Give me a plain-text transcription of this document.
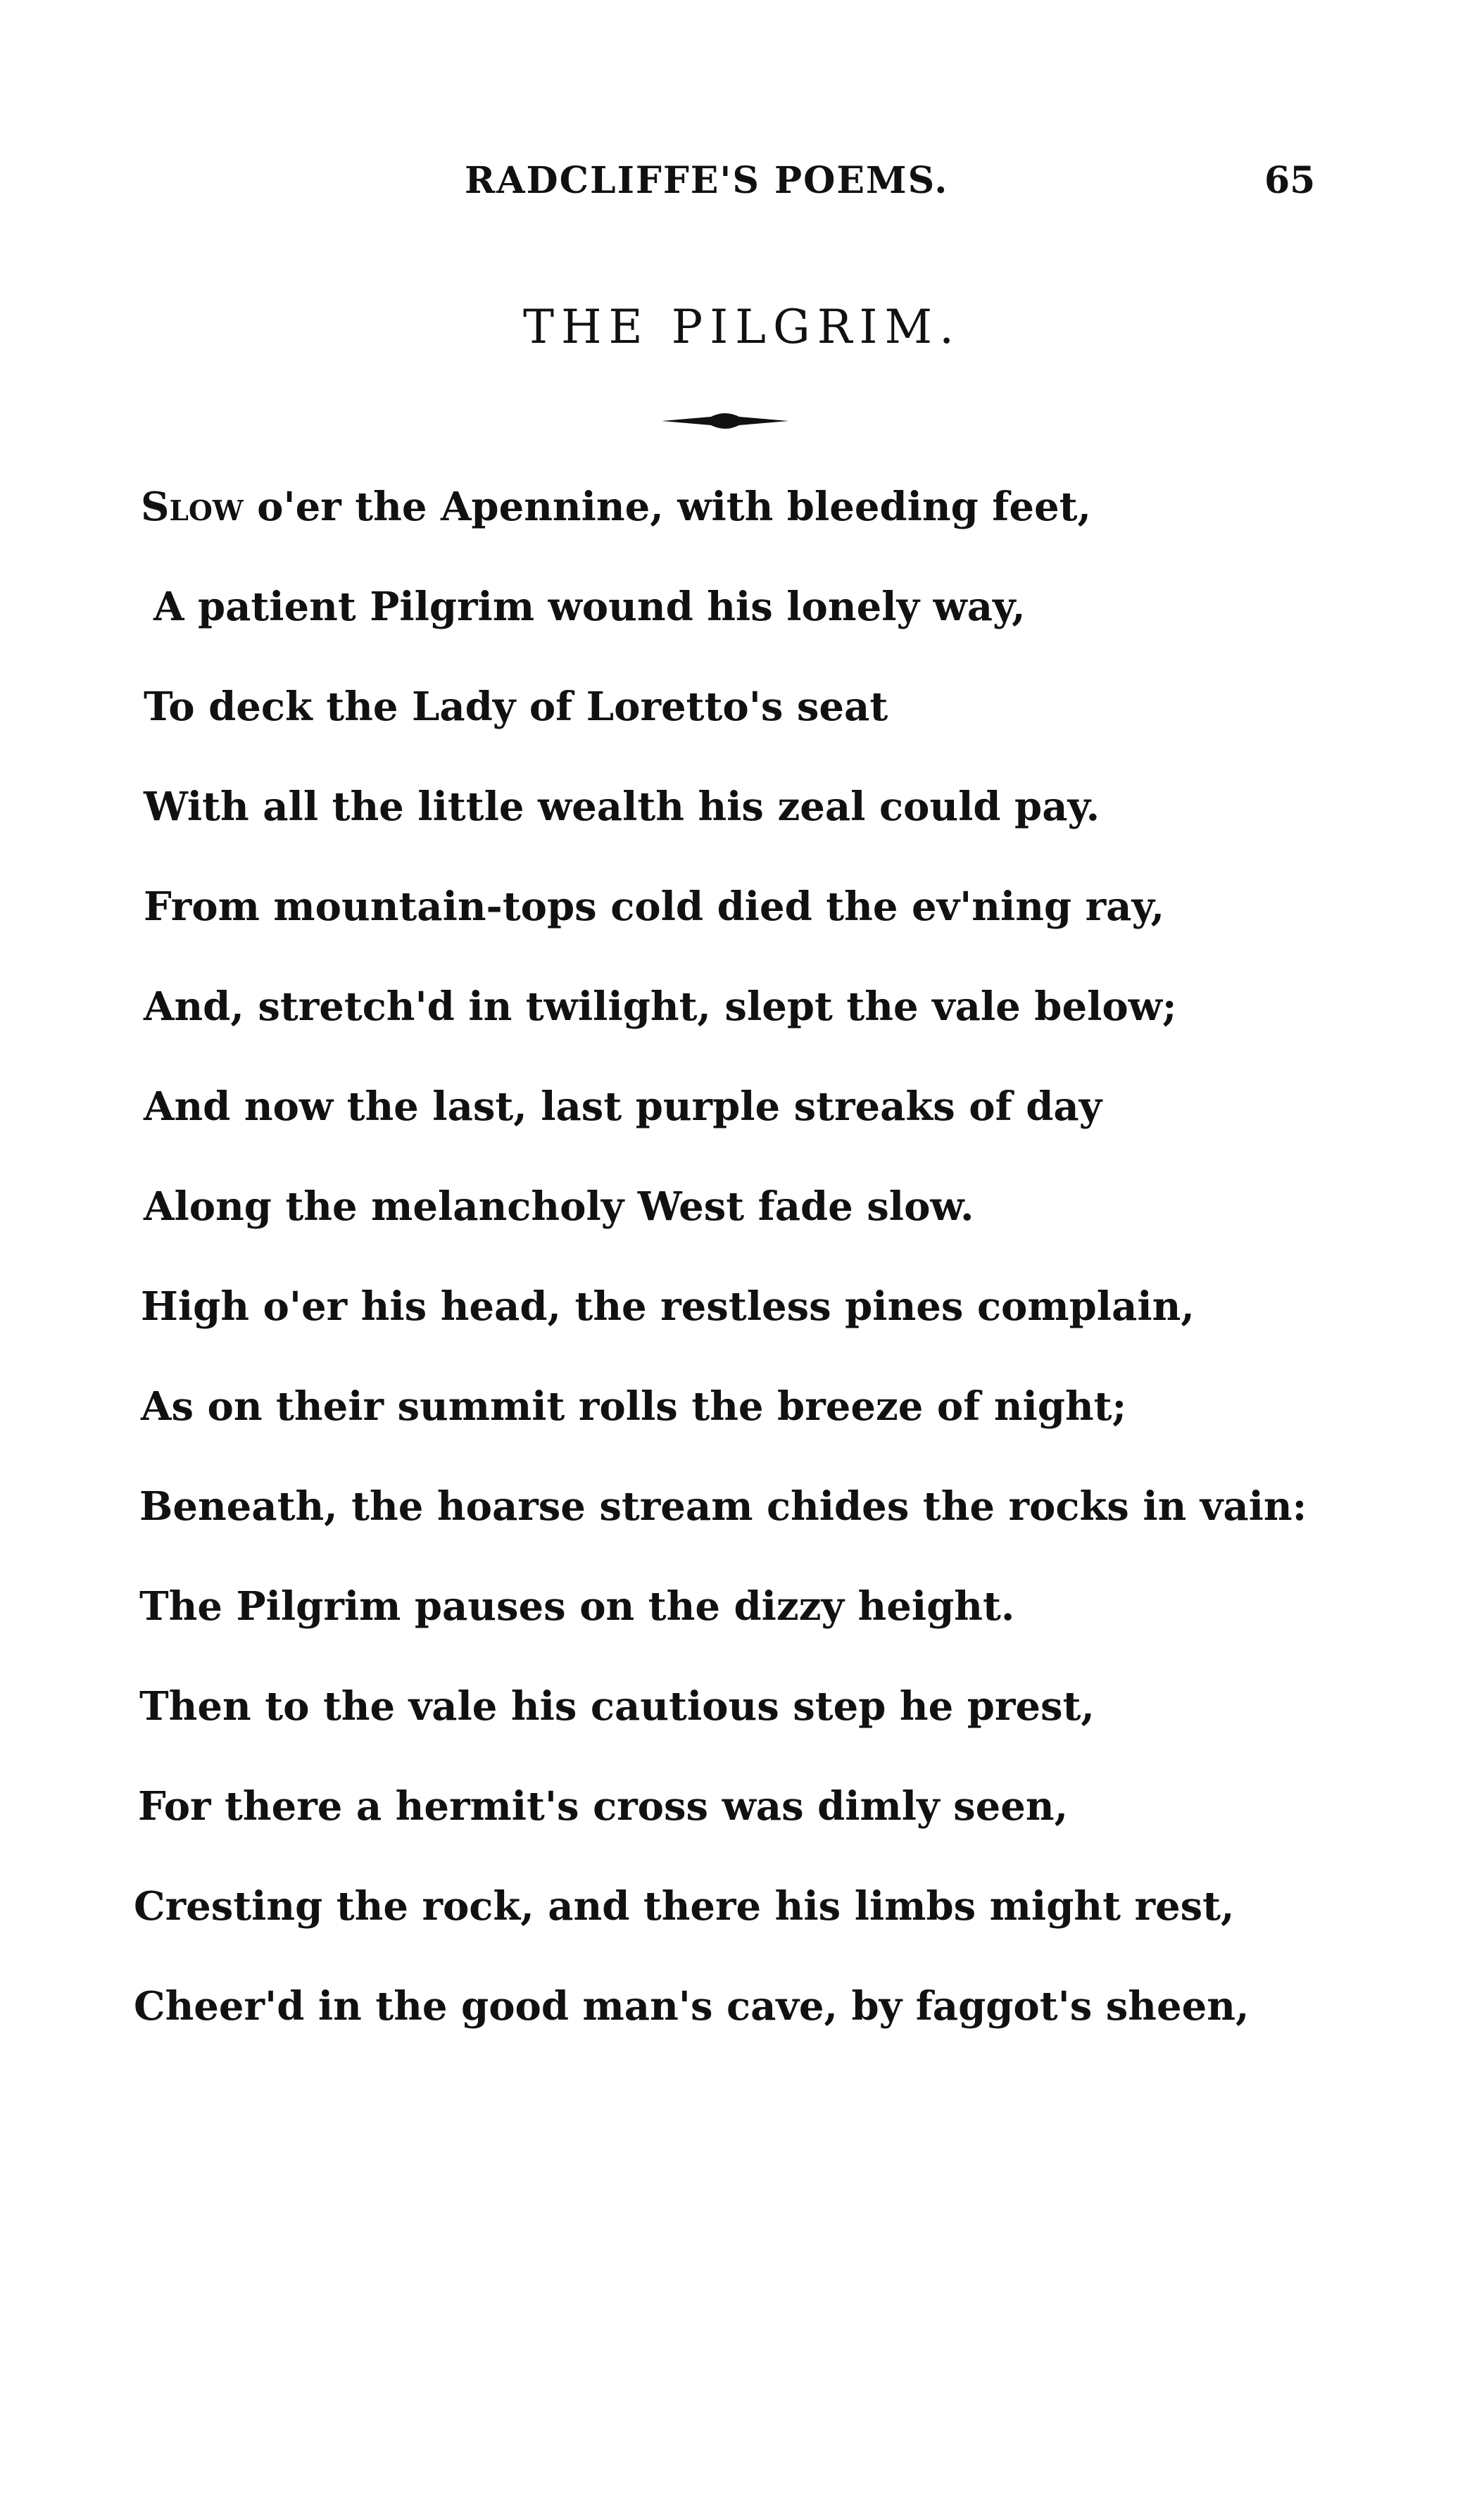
RADCLIFFE'S POEMS.	65
THE PILGRIM.
Slow o'er the Apennine, with bleeding feet,
A patient Pilgrim wound his lonely way,
To deck the Lady of Loretto's seat
With all the little wealth his zeal could pay.
From mountain-tops cold died the ev'ning ray,
And, stretch'd in twilight, slept the vale below;
And now the last, last purple streaks of day
Along the melancholy West fade slow.
High o'er his head, the restless pines complain,
As on their summit rolls the breeze of night;
Beneath, the hoarse stream chides the rocks in vain:
The Pilgrim pauses on the dizzy height.
Then to the vale his cautious step he prest,
For there a hermit's cross was dimly seen,
Cresting the rock, and there his limbs might rest,
Cheer'd in the good man's cave, by faggot's sheen,
